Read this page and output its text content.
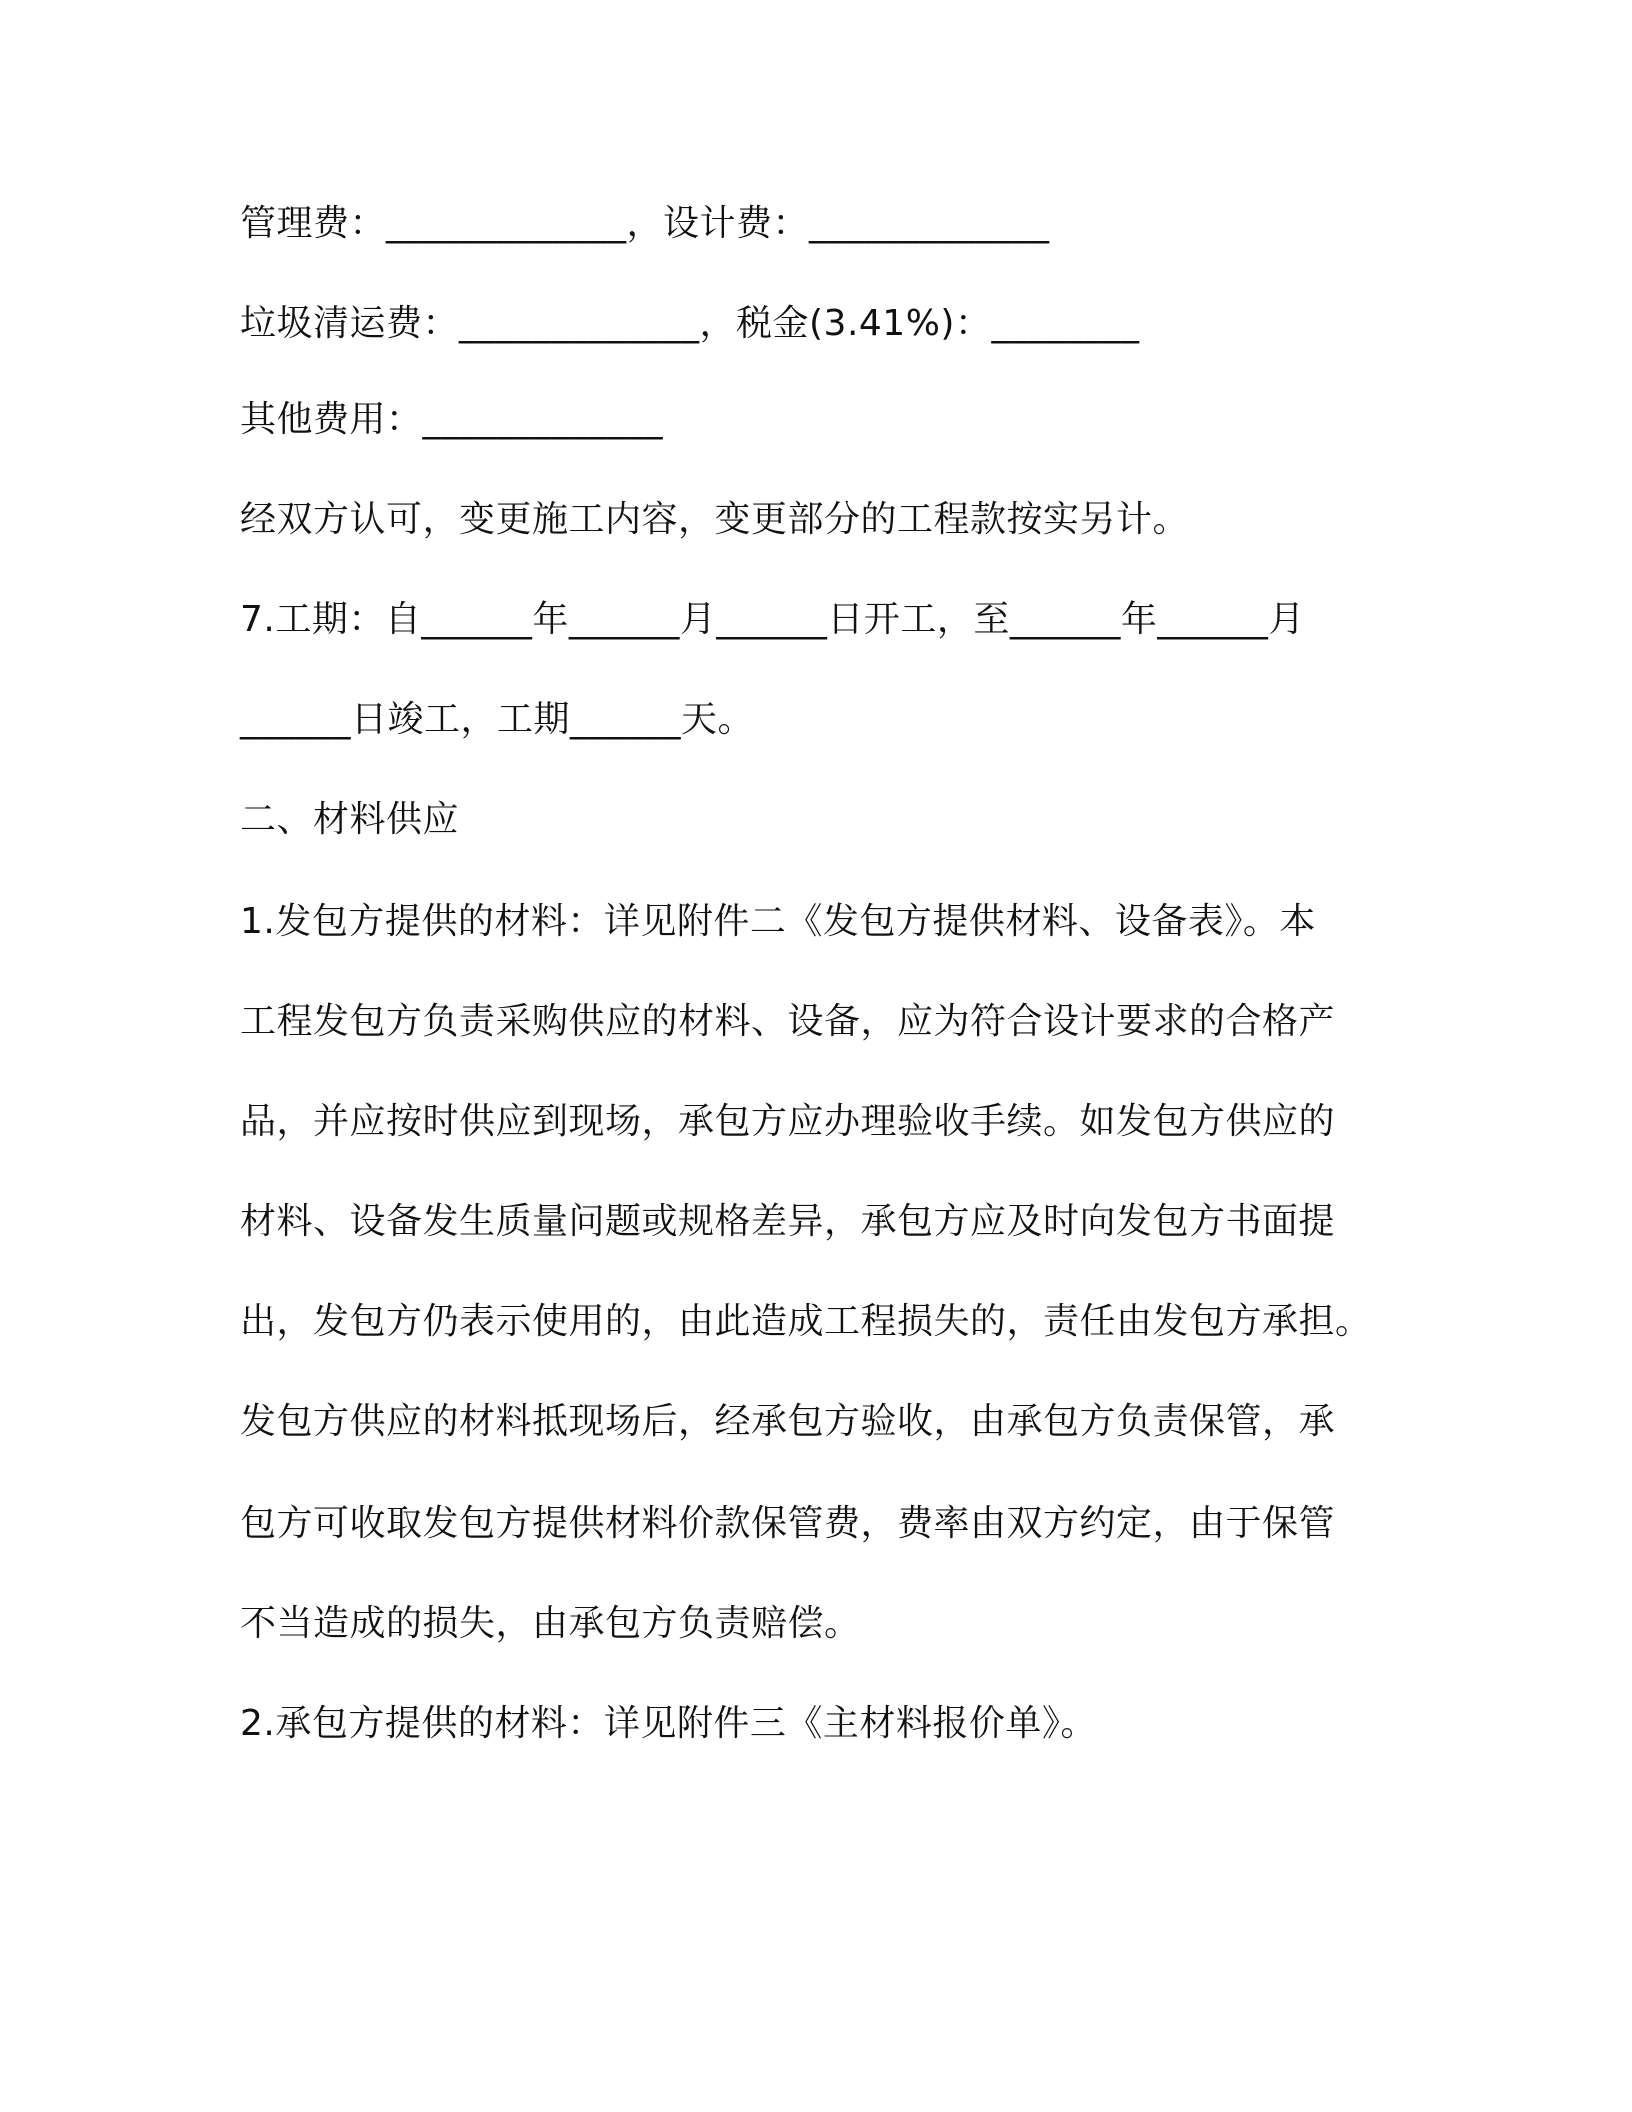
管理费：_____________，设计费：_____________
垃圾清运费：_____________，税金(3.41%)：________
其他费用：_____________
经双方认可，变更施工内容，变更部分的工程款按实另计。
7.工期：自______年______月______日开工，至______年______月
______日竣工，工期______天。
二、材料供应
1.发包方提供的材料：详见附件二《发包方提供材料、设备表》。本
工程发包方负责采购供应的材料、设备，应为符合设计要求的合格产
品，并应按时供应到现场，承包方应办理验收手续。如发包方供应的
材料、设备发生质量问题或规格差异，承包方应及时向发包方书面提
出，发包方仍表示使用的，由此造成工程损失的，责任由发包方承担。
发包方供应的材料抵现场后，经承包方验收，由承包方负责保管，承
包方可收取发包方提供材料价款保管费，费率由双方约定，由于保管
不当造成的损失，由承包方负责赔偿。
2.承包方提供的材料：详见附件三《主材料报价单》。
